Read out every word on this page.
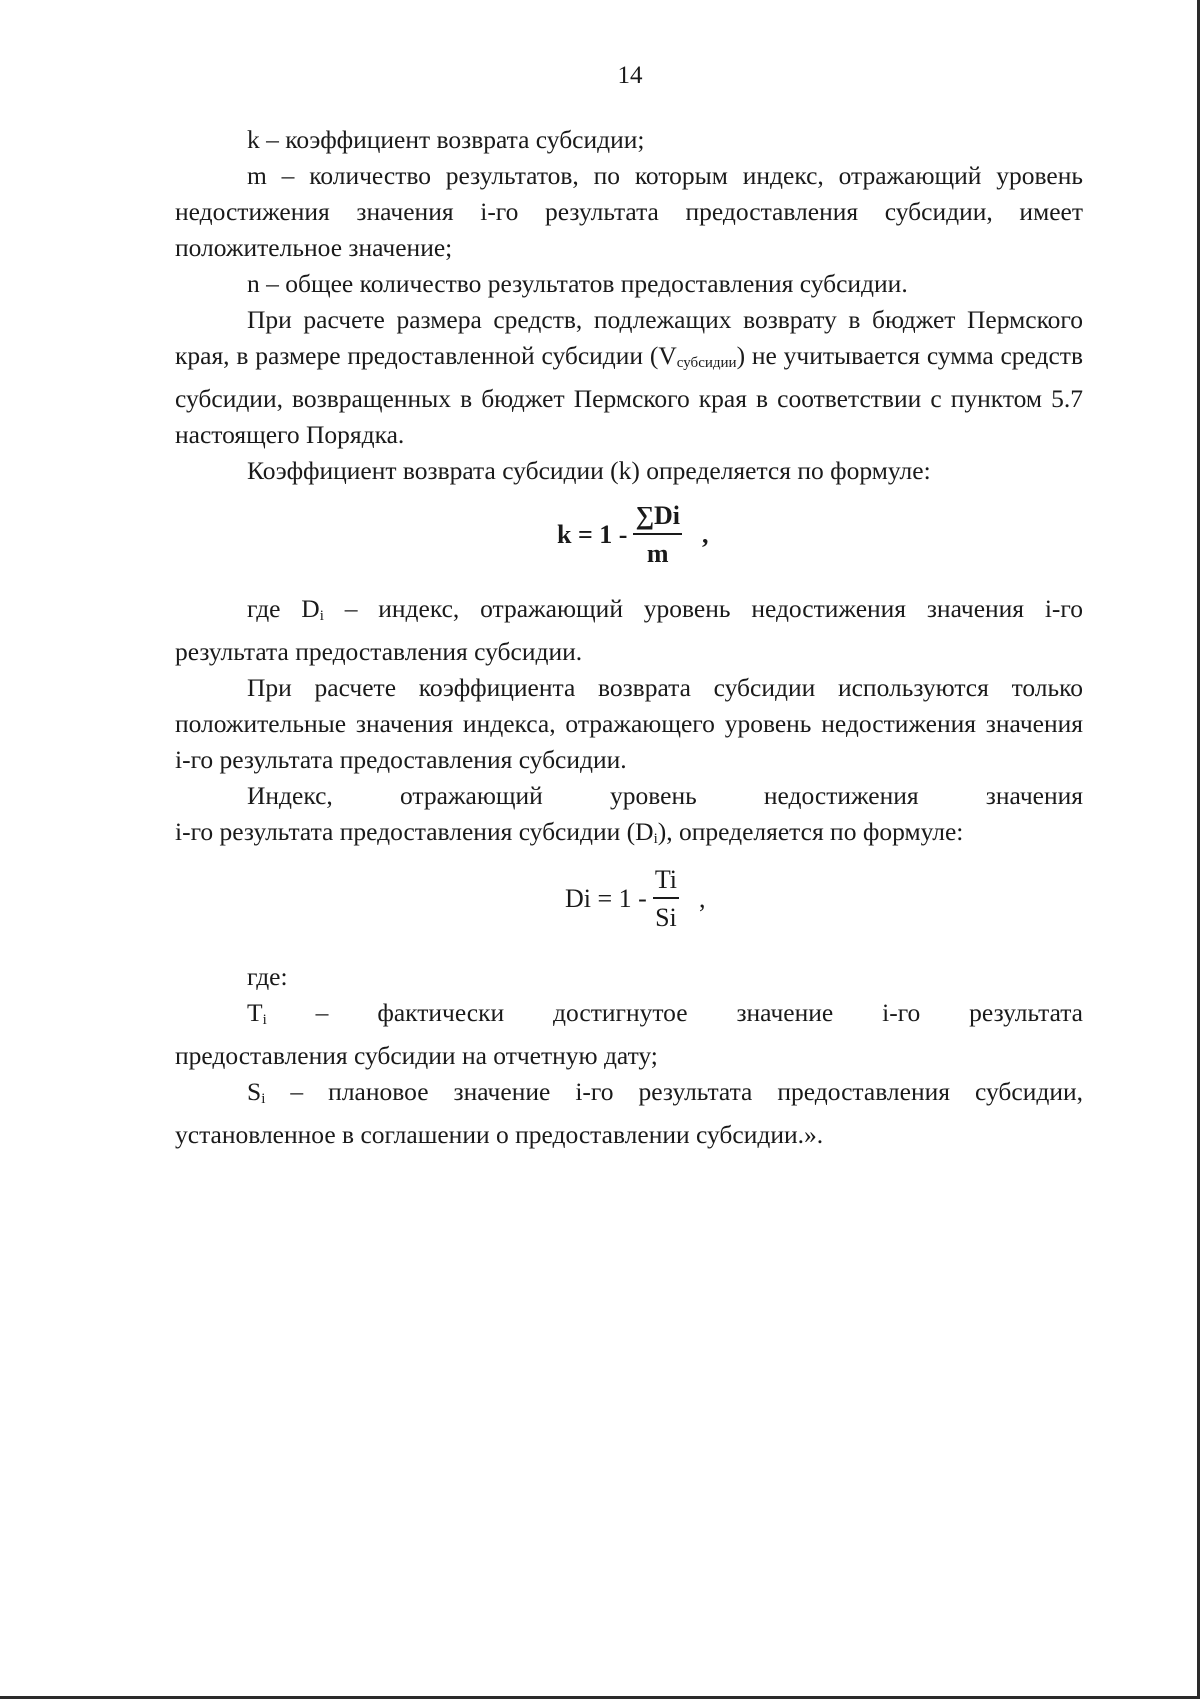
14

k – коэффициент возврата субсидии;

m – количество результатов, по которым индекс, отражающий уровень недостижения значения i-го результата предоставления субсидии, имеет положительное значение;

n – общее количество результатов предоставления субсидии.

При расчете размера средств, подлежащих возврату в бюджет Пермского края, в размере предоставленной субсидии $(V_{субсидии})$ не учитывается сумма средств субсидии, возвращенных в бюджет Пермского края в соответствии с пунктом 5.7 настоящего Порядка.

Коэффициент возврата субсидии (k) определяется по формуле:

$k = 1 - \frac{\sum Di}{m}$ ,

где $D_i$ – индекс, отражающий уровень недостижения значения i-го результата предоставления субсидии.

При расчете коэффициента возврата субсидии используются только положительные значения индекса, отражающего уровень недостижения значения i-го результата предоставления субсидии.

Индекс, отражающий уровень недостижения значения

i-го результата предоставления субсидии $(D_i)$, определяется по формуле:

$Di = 1 - \frac{Ti}{Si}$ ,

где:

$T_i$ – фактически достигнутое значение i-го результата

предоставления субсидии на отчетную дату;

$S_i$ – плановое значение i-го результата предоставления субсидии, установленное в соглашении о предоставлении субсидии.».
